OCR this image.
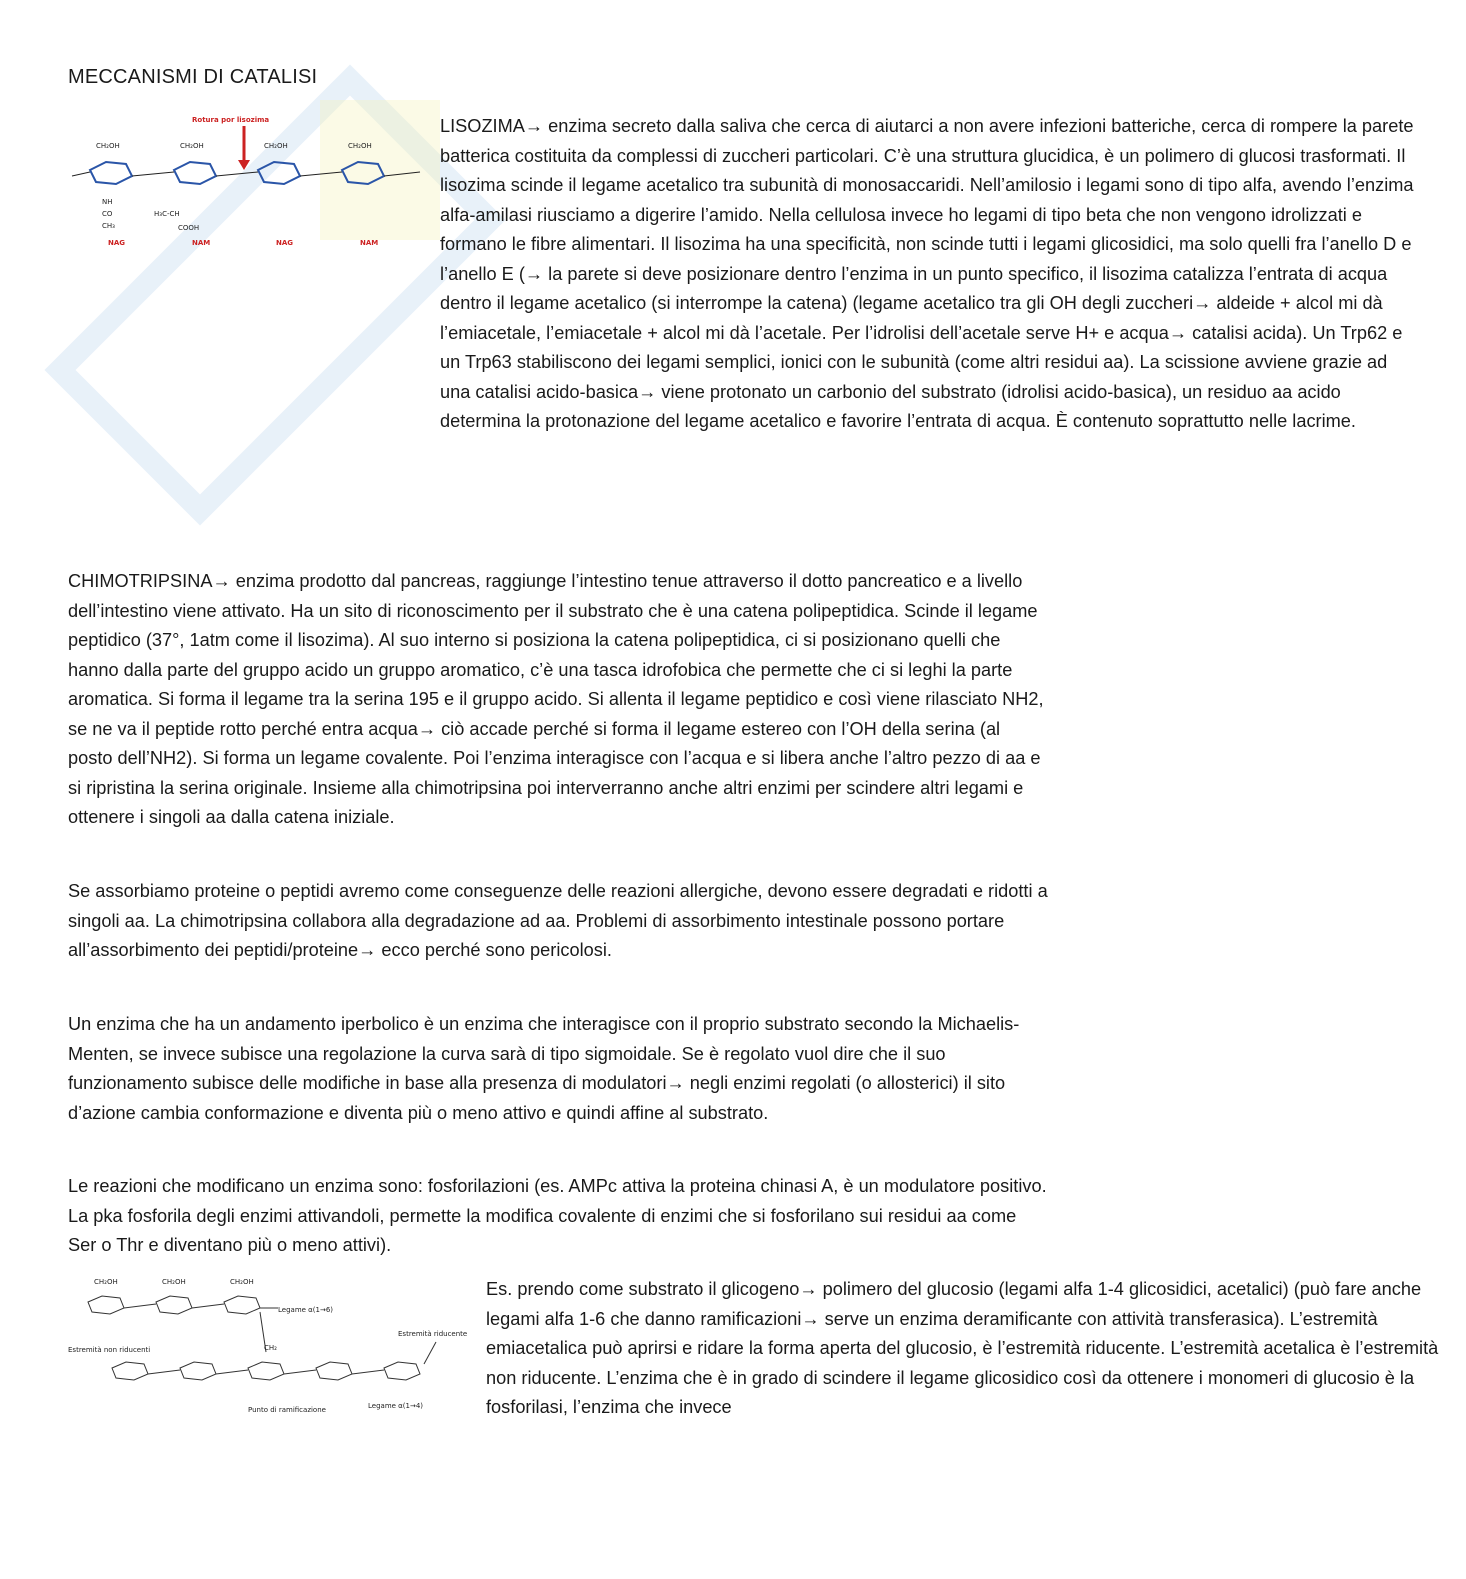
MECCANISMI DI CATALISI
Rotura por lisozima
CH₂OH	CH₂OH	CH₂OH	CH₂OH
NH
CO
CH₃
H₃C-CH
COOH
NAG	NAM	NAG	NAM

LISOZIMA→ enzima secreto dalla saliva che cerca di aiutarci a non avere infezioni batteriche, cerca di rompere la parete batterica costituita da complessi di zuccheri particolari. C’è una struttura glucidica, è un polimero di glucosi trasformati. Il lisozima scinde il legame acetalico tra subunità di monosaccaridi. Nell’amilosio i legami sono di tipo alfa, avendo l’enzima alfa-amilasi riusciamo a digerire l’amido. Nella cellulosa invece ho legami di tipo beta che non vengono idrolizzati e formano le fibre alimentari. Il lisozima ha una specificità, non scinde tutti i legami glicosidici, ma solo quelli fra l’anello D e l’anello E (→ la parete si deve posizionare dentro l’enzima in un punto specifico, il lisozima catalizza l’entrata di acqua dentro il legame acetalico (si interrompe la catena) (legame acetalico tra gli OH degli zuccheri→ aldeide + alcol mi dà l’emiacetale, l’emiacetale + alcol mi dà l’acetale. Per l’idrolisi dell’acetale serve H+ e acqua→ catalisi acida). Un Trp62 e un Trp63 stabiliscono dei legami semplici, ionici con le subunità (come altri residui aa). La scissione avviene grazie ad una catalisi acido-basica→ viene protonato un carbonio del substrato (idrolisi acido-basica), un residuo aa acido determina la protonazione del legame acetalico e favorire l’entrata di acqua. È contenuto soprattutto nelle lacrime.

CHIMOTRIPSINA→ enzima prodotto dal pancreas, raggiunge l’intestino tenue attraverso il dotto pancreatico e a livello dell’intestino viene attivato. Ha un sito di riconoscimento per il substrato che è una catena polipeptidica. Scinde il legame peptidico (37°, 1atm come il lisozima). Al suo interno si posiziona la catena polipeptidica, ci si posizionano quelli che hanno dalla parte del gruppo acido un gruppo aromatico, c’è una tasca idrofobica che permette che ci si leghi la parte aromatica. Si forma il legame tra la serina 195 e il gruppo acido. Si allenta il legame peptidico e così viene rilasciato NH2, se ne va il peptide rotto perché entra acqua→ ciò accade perché si forma il legame estereo con l’OH della serina (al posto dell’NH2). Si forma un legame covalente. Poi l’enzima interagisce con l’acqua e si libera anche l’altro pezzo di aa e si ripristina la serina originale. Insieme alla chimotripsina poi interverranno anche altri enzimi per scindere altri legami e ottenere i singoli aa dalla catena iniziale.

Se assorbiamo proteine o peptidi avremo come conseguenze delle reazioni allergiche, devono essere degradati e ridotti a singoli aa. La chimotripsina collabora alla degradazione ad aa. Problemi di assorbimento intestinale possono portare all’assorbimento dei peptidi/proteine→ ecco perché sono pericolosi.

Un enzima che ha un andamento iperbolico è un enzima che interagisce con il proprio substrato secondo la Michaelis-Menten, se invece subisce una regolazione la curva sarà di tipo sigmoidale. Se è regolato vuol dire che il suo funzionamento subisce delle modifiche in base alla presenza di modulatori→ negli enzimi regolati (o allosterici) il sito d’azione cambia conformazione e diventa più o meno attivo e quindi affine al substrato.

Le reazioni che modificano un enzima sono: fosforilazioni (es. AMPc attiva la proteina chinasi A, è un modulatore positivo. La pka fosforila degli enzimi attivandoli, permette la modifica covalente di enzimi che si fosforilano sui residui aa come Ser o Thr e diventano più o meno attivi).

CH₂OH	CH₂OH	CH₂OH
CH₂
Legame α(1→6)
Estremità riducente
Estremità non riducenti
Punto di ramificazione	Legame α(1→4)

Es. prendo come substrato il glicogeno→ polimero del glucosio (legami alfa 1-4 glicosidici, acetalici) (può fare anche legami alfa 1-6 che danno ramificazioni→ serve un enzima deramificante con attività transferasica). L’estremità emiacetalica può aprirsi e ridare la forma aperta del glucosio, è l’estremità riducente. L’estremità acetalica è l’estremità non riducente. L’enzima che è in grado di scindere il legame glicosidico così da ottenere i monomeri di glucosio è la fosforilasi, l’enzima che invece
